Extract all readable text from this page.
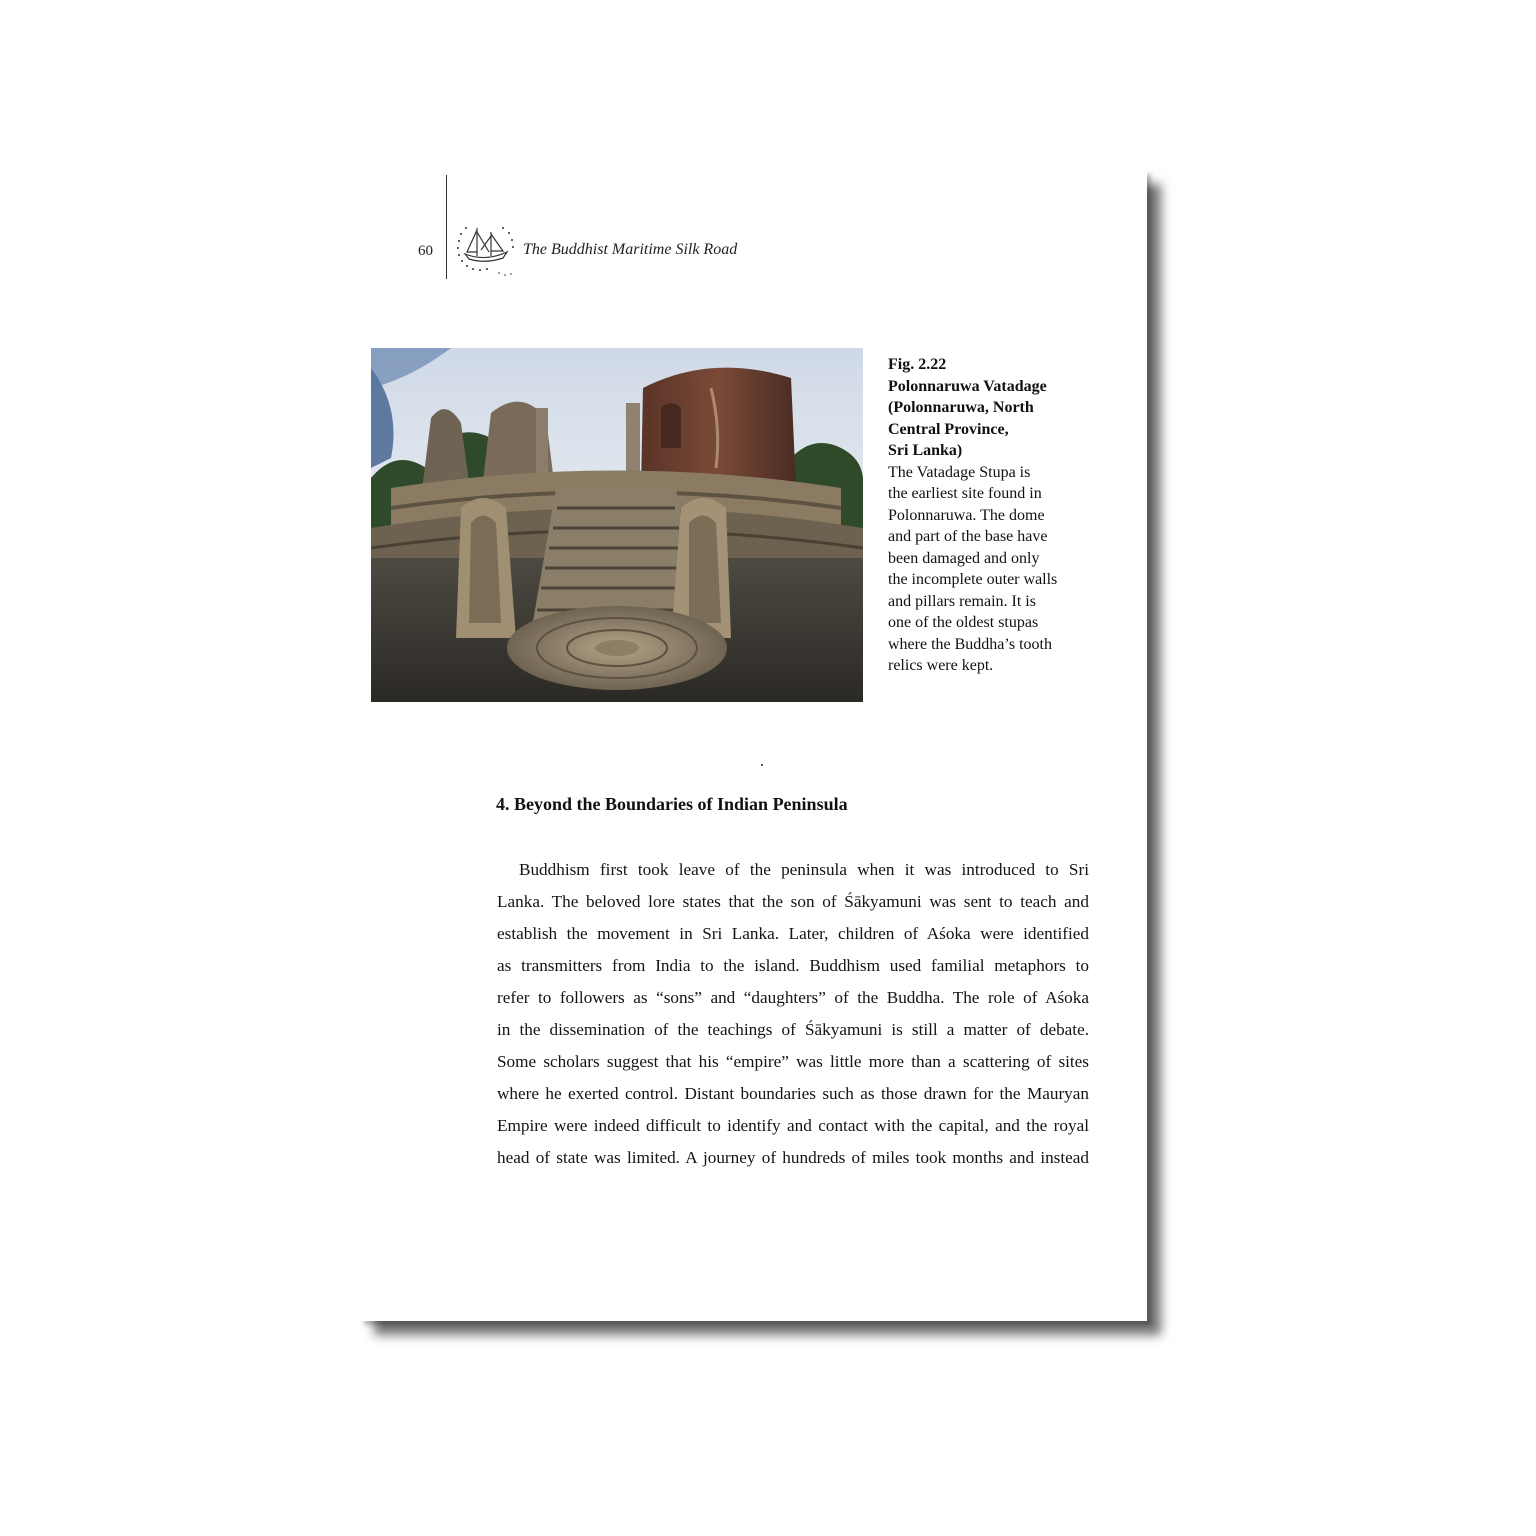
60	The Buddhist Maritime Silk Road
Fig. 2.22
Polonnaruwa Vatadage
(Polonnaruwa, North
Central Province,
Sri Lanka)
The Vatadage Stupa is
the earliest site found in
Polonnaruwa. The dome
and part of the base have
been damaged and only
the incomplete outer walls
and pillars remain. It is
one of the oldest stupas
where the Buddha’s tooth
relics were kept.
4. Beyond the Boundaries of Indian Peninsula
Buddhism first took leave of the peninsula when it was introduced to Sri
Lanka. The beloved lore states that the son of Śākyamuni was sent to teach and
establish the movement in Sri Lanka. Later, children of Aśoka were identified
as transmitters from India to the island. Buddhism used familial metaphors to
refer to followers as “sons” and “daughters” of the Buddha. The role of Aśoka
in the dissemination of the teachings of Śākyamuni is still a matter of debate.
Some scholars suggest that his “empire” was little more than a scattering of sites
where he exerted control. Distant boundaries such as those drawn for the Mauryan
Empire were indeed difficult to identify and contact with the capital, and the royal
head of state was limited. A journey of hundreds of miles took months and instead
